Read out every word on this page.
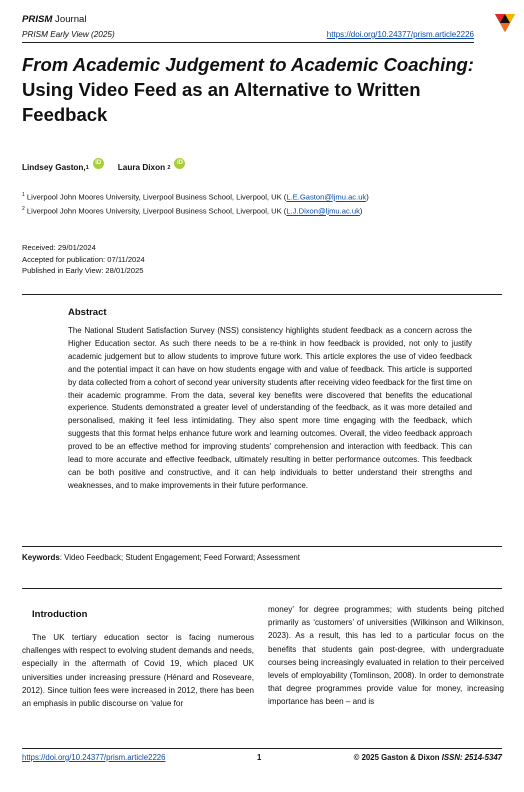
PRISM Journal
PRISM Early View (2025)	https://doi.org/10.24377/prism.article2226
From Academic Judgement to Academic Coaching:
Using Video Feed as an Alternative to Written
Feedback
Lindsey Gaston, 1
iD	Laura Dixon
2
iD
$^1$ Liverpool John Moores University, Liverpool Business School, Liverpool, UK (L.E.Gaston@ljmu.ac.uk)
$^2$ Liverpool John Moores University, Liverpool Business School, Liverpool, UK (L.J.Dixon@ljmu.ac.uk)
Received: 29/01/2024
Accepted for publication: 07/11/2024
Published in Early View: 28/01/2025
Abstract
The National Student Satisfaction Survey (NSS) consistency highlights student feedback as a concern across the Higher Education sector. As such there needs to be a re-think in how feedback is provided, not only to justify academic judgement but to allow students to improve future work. This article explores the use of video feedback and the potential impact it can have on how students engage with and value of feedback. This article is supported by data collected from a cohort of second year university students after receiving video feedback for the first time on their academic programme. From the data, several key benefits were discovered that benefits the educational experience. Students demonstrated a greater level of understanding of the feedback, as it was more detailed and personalised, making it feel less intimidating. They also spent more time engaging with the feedback, which suggests that this format helps enhance future work and learning outcomes. Overall, the video feedback approach proved to be an effective method for improving students' comprehension and interaction with feedback. This can lead to more accurate and effective feedback, ultimately resulting in better performance outcomes. This feedback can be both positive and constructive, and it can help individuals to better understand their strengths and weaknesses, and to make improvements in their future performance.
Keywords: Video Feedback; Student Engagement; Feed Forward; Assessment
Introduction
The UK tertiary education sector is facing numerous challenges with respect to evolving student demands and needs, especially in the aftermath of Covid 19, which placed UK universities under increasing pressure (Hénard and Roseveare, 2012). Since tuition fees were increased in 2012, there has been an emphasis in public discourse on ‘value for
money’ for degree programmes; with students being pitched primarily as ‘customers’ of universities (Wilkinson and Wilkinson, 2023). As a result, this has led to a particular focus on the benefits that students gain post-degree, with undergraduate courses being increasingly evaluated in relation to their perceived levels of employability (Tomlinson, 2008). In order to demonstrate that degree programmes provide value for money, increasing importance has been – and is
https://doi.org/10.24377/prism.article2226	1	© 2025 Gaston & Dixon ISSN: 2514-5347
